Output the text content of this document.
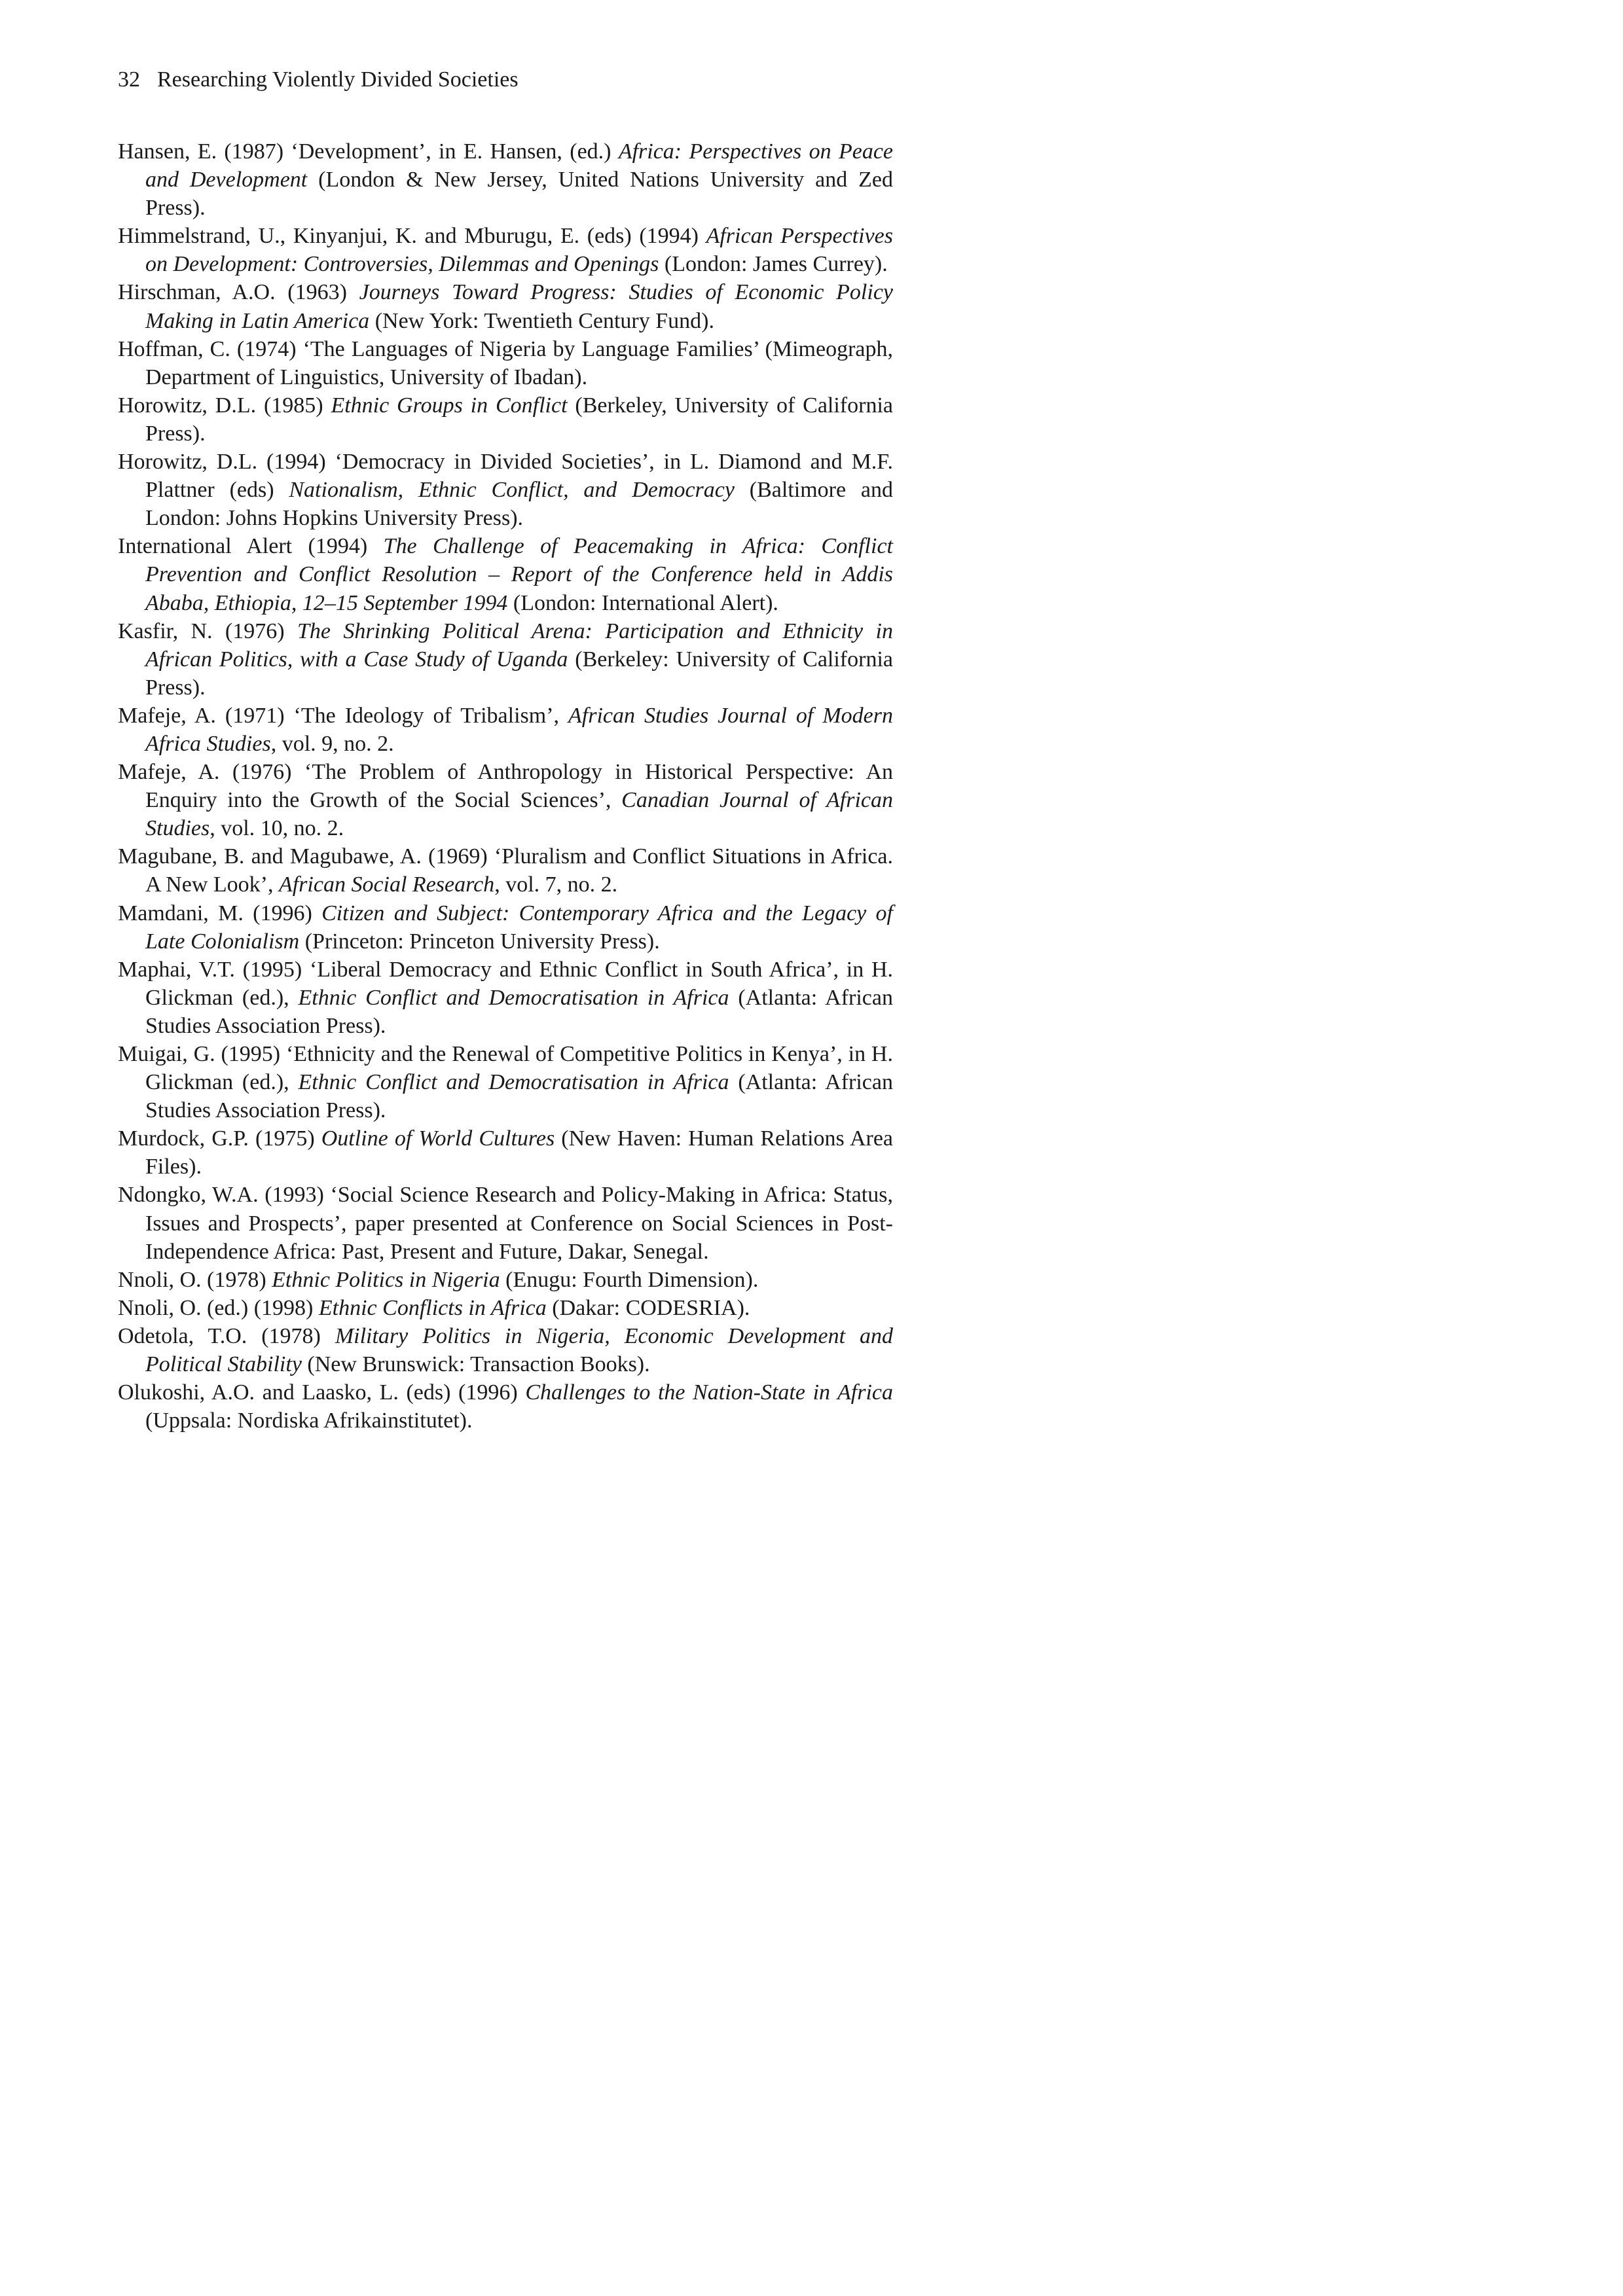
32 Researching Violently Divided Societies
Hansen, E. (1987) ‘Development’, in E. Hansen, (ed.) Africa: Perspectives on Peace and Development (London & New Jersey, United Nations University and Zed Press).
Himmelstrand, U., Kinyanjui, K. and Mburugu, E. (eds) (1994) African Perspectives on Development: Controversies, Dilemmas and Openings (London: James Currey).
Hirschman, A.O. (1963) Journeys Toward Progress: Studies of Economic Policy Making in Latin America (New York: Twentieth Century Fund).
Hoffman, C. (1974) ‘The Languages of Nigeria by Language Families’ (Mimeograph, Department of Linguistics, University of Ibadan).
Horowitz, D.L. (1985) Ethnic Groups in Conflict (Berkeley, University of California Press).
Horowitz, D.L. (1994) ‘Democracy in Divided Societies’, in L. Diamond and M.F. Plattner (eds) Nationalism, Ethnic Conflict, and Democracy (Baltimore and London: Johns Hopkins University Press).
International Alert (1994) The Challenge of Peacemaking in Africa: Conflict Prevention and Conflict Resolution – Report of the Conference held in Addis Ababa, Ethiopia, 12–15 September 1994 (London: International Alert).
Kasfir, N. (1976) The Shrinking Political Arena: Participation and Ethnicity in African Politics, with a Case Study of Uganda (Berkeley: University of California Press).
Mafeje, A. (1971) ‘The Ideology of Tribalism’, African Studies Journal of Modern Africa Studies, vol. 9, no. 2.
Mafeje, A. (1976) ‘The Problem of Anthropology in Historical Perspective: An Enquiry into the Growth of the Social Sciences’, Canadian Journal of African Studies, vol. 10, no. 2.
Magubane, B. and Magubawe, A. (1969) ‘Pluralism and Conflict Situations in Africa. A New Look’, African Social Research, vol. 7, no. 2.
Mamdani, M. (1996) Citizen and Subject: Contemporary Africa and the Legacy of Late Colonialism (Princeton: Princeton University Press).
Maphai, V.T. (1995) ‘Liberal Democracy and Ethnic Conflict in South Africa’, in H. Glickman (ed.), Ethnic Conflict and Democratisation in Africa (Atlanta: African Studies Association Press).
Muigai, G. (1995) ‘Ethnicity and the Renewal of Competitive Politics in Kenya’, in H. Glickman (ed.), Ethnic Conflict and Democratisation in Africa (Atlanta: African Studies Association Press).
Murdock, G.P. (1975) Outline of World Cultures (New Haven: Human Relations Area Files).
Ndongko, W.A. (1993) ‘Social Science Research and Policy-Making in Africa: Status, Issues and Prospects’, paper presented at Conference on Social Sciences in Post-Independence Africa: Past, Present and Future, Dakar, Senegal.
Nnoli, O. (1978) Ethnic Politics in Nigeria (Enugu: Fourth Dimension).
Nnoli, O. (ed.) (1998) Ethnic Conflicts in Africa (Dakar: CODESRIA).
Odetola, T.O. (1978) Military Politics in Nigeria, Economic Development and Political Stability (New Brunswick: Transaction Books).
Olukoshi, A.O. and Laasko, L. (eds) (1996) Challenges to the Nation-State in Africa (Uppsala: Nordiska Afrikainstitutet).
